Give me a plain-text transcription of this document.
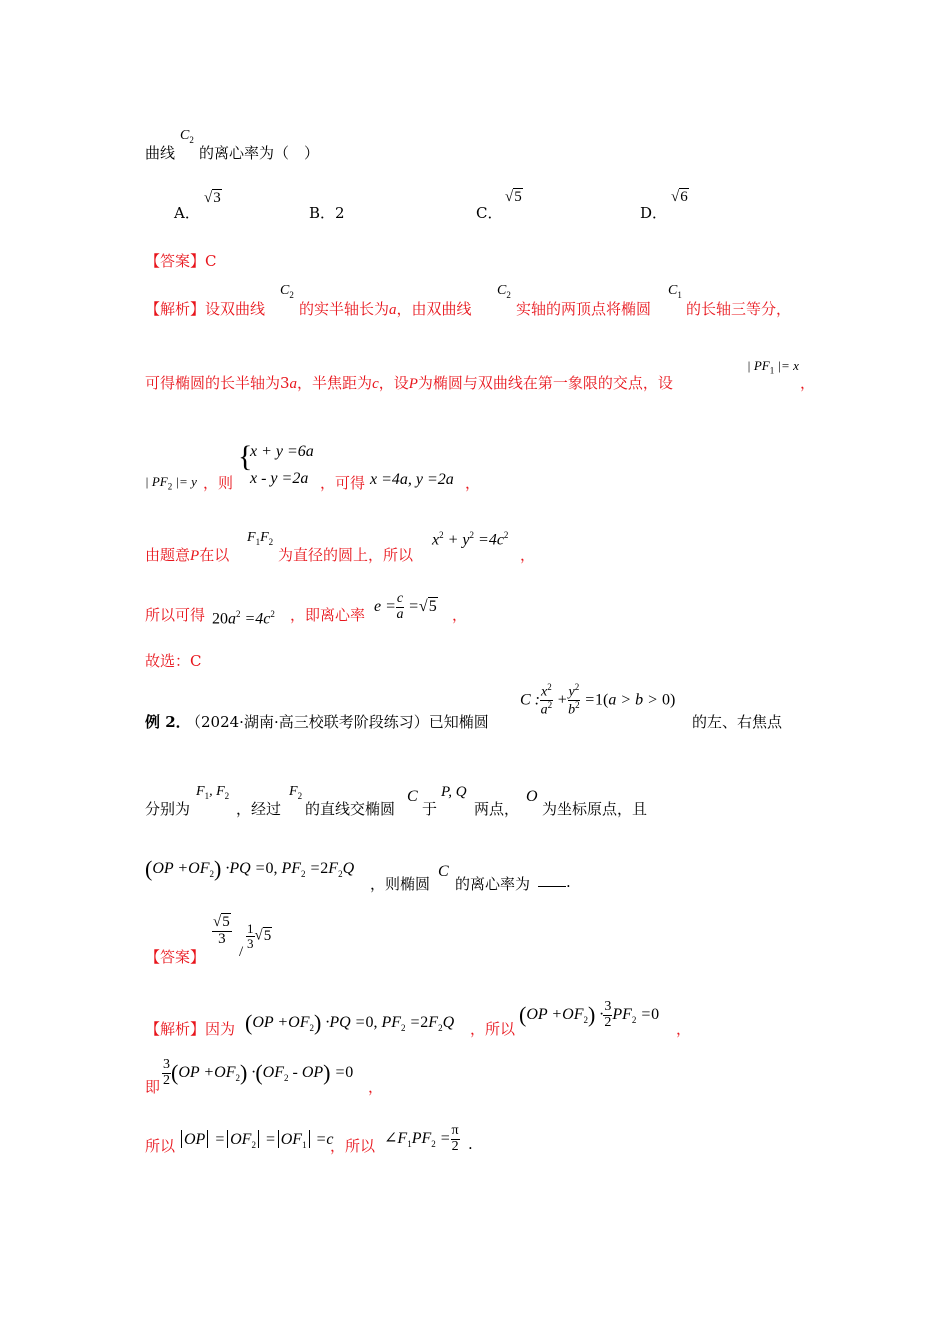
曲线
$C_2$
的离心率为（　）
A．
√3
B．2	C．
√5
D．
√6
【答案】C
【解析】设双曲线
$C_2$
的实半轴长为a，由双曲线
$C_2$
实轴的两顶点将椭圆
$C_1$
的长轴三等分，
可得椭圆的长半轴为3a，半焦距为c，设P为椭圆与双曲线在第一象限的交点，设
| $PF_1$ |= x
，
| $PF_2$ |= y ，则
{
x + y =6a
x - y =2a ，可得 x =4a, y =2a ，
由题意P在以
$F_1F_2$
为直径的圆上，所以
$x^2 + y^2 =4c^2$
，
所以可得 $20a^2 =4c^2$ ，即离心率 $e = \frac{c}{a} =√5$ ，
故选：C
例 2．
（2024·湖南·高三校联考阶段练习）已知椭圆
C : $\frac{x^2}{a^2} + \frac{y^2}{b^2} =1(a > b > 0)$
的左、右焦点
分别为
$F_1$, $F_2$
，经过
$F_2$
的直线交椭圆
C
于
P, Q
两点，
O
为坐标原点，且
$(OP +OF_2) \cdot PQ =0$, $PF_2 =2F_2Q$
，则椭圆
C
的离心率为	.
【答案】
$\frac{√5}{3}$
/
$\frac{1}{3} √5$
【解析】因为 $(OP +OF_2) \cdot PQ =0$, $PF_2 =2F_2Q$ ，所以
$(OP +OF_2) \cdot \frac{3}{2} PF_2 =0$
，
即 $\frac{3}{2} (OP +OF_2) \cdot(OF_2 - OP) =0$
，
所以 OP = $OF_2 = OF_1 =c$
，所以 $\angle F_1PF_2 = \frac{\pi}{2}$ .
